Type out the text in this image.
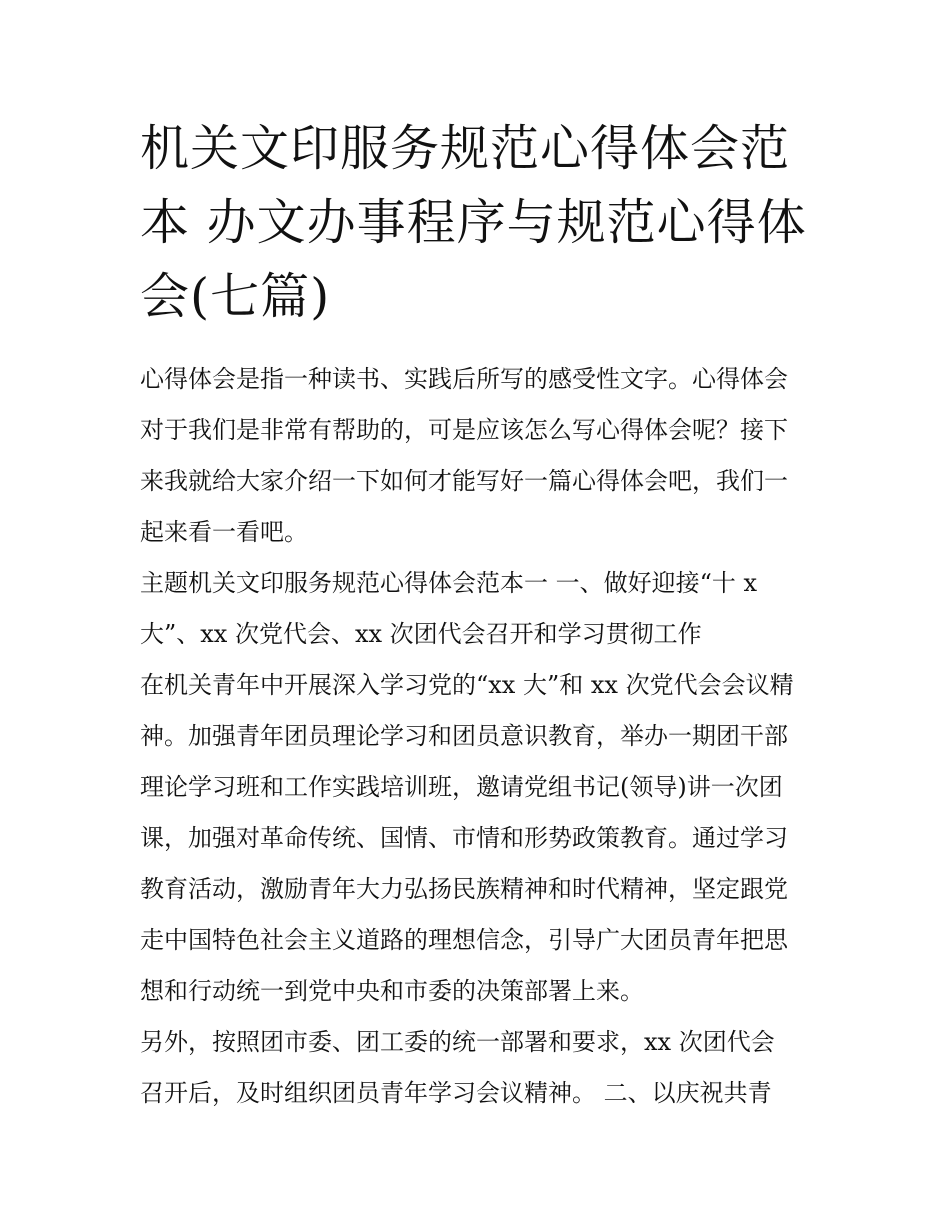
机关文印服务规范心得体会范
本 办文办事程序与规范心得体
会(七篇)
心得体会是指一种读书、实践后所写的感受性文字。心得体会
对于我们是非常有帮助的，可是应该怎么写心得体会呢？接下
来我就给大家介绍一下如何才能写好一篇心得体会吧，我们一
起来看一看吧。
主题机关文印服务规范心得体会范本一 一、做好迎接“十 x
大”、xx 次党代会、xx 次团代会召开和学习贯彻工作
在机关青年中开展深入学习党的“xx 大”和 xx 次党代会会议精
神。加强青年团员理论学习和团员意识教育，举办一期团干部
理论学习班和工作实践培训班，邀请党组书记(领导)讲一次团
课，加强对革命传统、国情、市情和形势政策教育。通过学习
教育活动，激励青年大力弘扬民族精神和时代精神，坚定跟党
走中国特色社会主义道路的理想信念，引导广大团员青年把思
想和行动统一到党中央和市委的决策部署上来。
另外，按照团市委、团工委的统一部署和要求，xx 次团代会
召开后，及时组织团员青年学习会议精神。 二、以庆祝共青
